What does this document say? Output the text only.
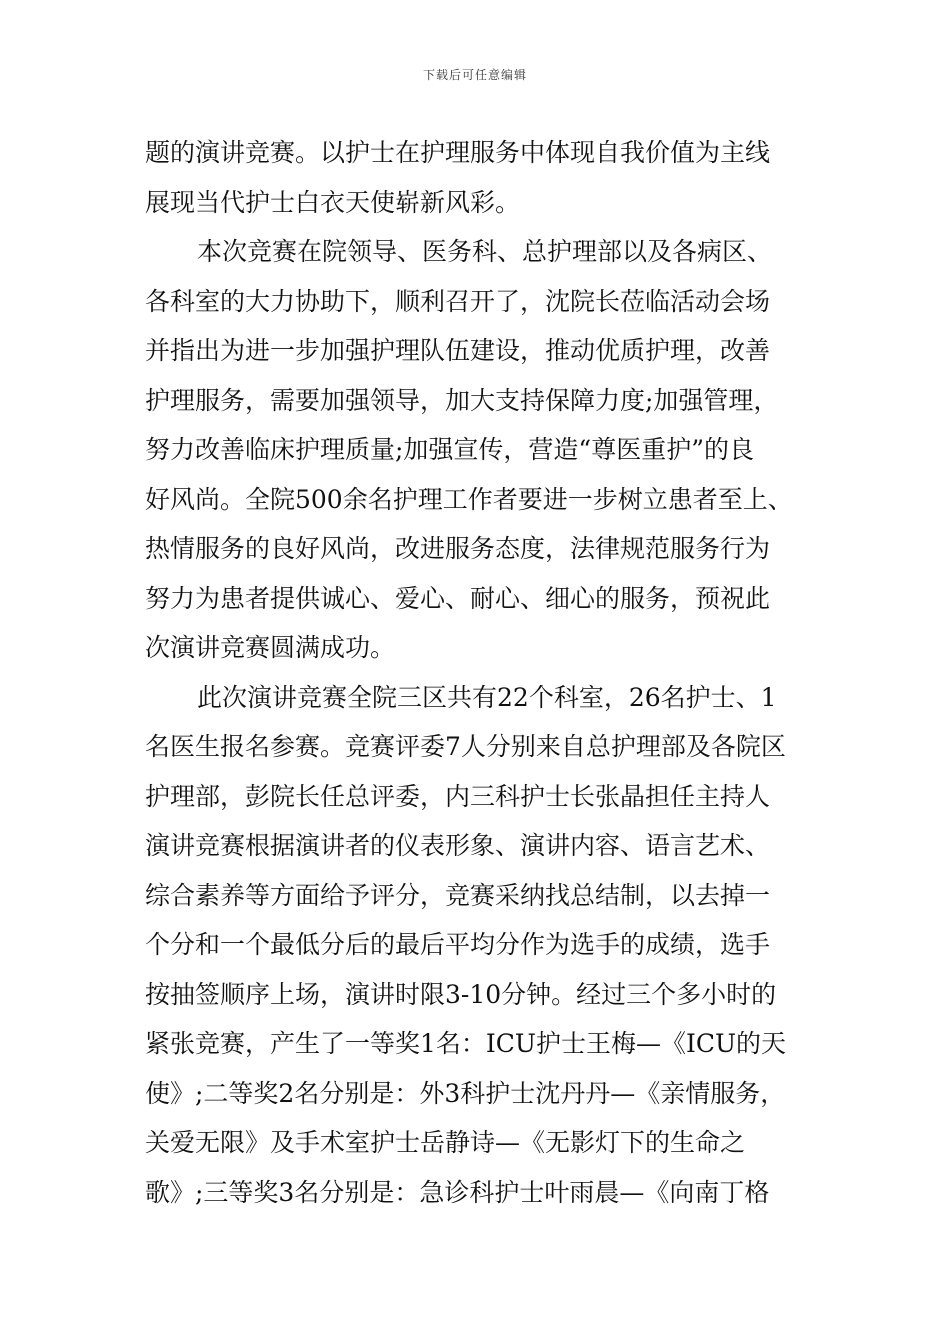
下载后可任意编辑
题的演讲竞赛。以护士在护理服务中体现自我价值为主线
展现当代护士白衣天使崭新风彩。
本次竞赛在院领导、医务科、总护理部以及各病区、
各科室的大力协助下，顺利召开了，沈院长莅临活动会场
并指出为进一步加强护理队伍建设，推动优质护理，改善
护理服务，需要加强领导，加大支持保障力度;加强管理，
努力改善临床护理质量;加强宣传，营造“尊医重护”的良
好风尚。全院500余名护理工作者要进一步树立患者至上、
热情服务的良好风尚，改进服务态度，法律规范服务行为
努力为患者提供诚心、爱心、耐心、细心的服务，预祝此
次演讲竞赛圆满成功。
此次演讲竞赛全院三区共有22个科室，26名护士、1
名医生报名参赛。竞赛评委7人分别来自总护理部及各院区
护理部，彭院长任总评委，内三科护士长张晶担任主持人
演讲竞赛根据演讲者的仪表形象、演讲内容、语言艺术、
综合素养等方面给予评分，竞赛采纳找总结制，以去掉一
个分和一个最低分后的最后平均分作为选手的成绩，选手
按抽签顺序上场，演讲时限3-10分钟。经过三个多小时的
紧张竞赛，产生了一等奖1名：ICU护士王梅—《ICU的天
使》;二等奖2名分别是：外3科护士沈丹丹—《亲情服务，
关爱无限》及手术室护士岳静诗—《无影灯下的生命之
歌》;三等奖3名分别是：急诊科护士叶雨晨—《向南丁格
